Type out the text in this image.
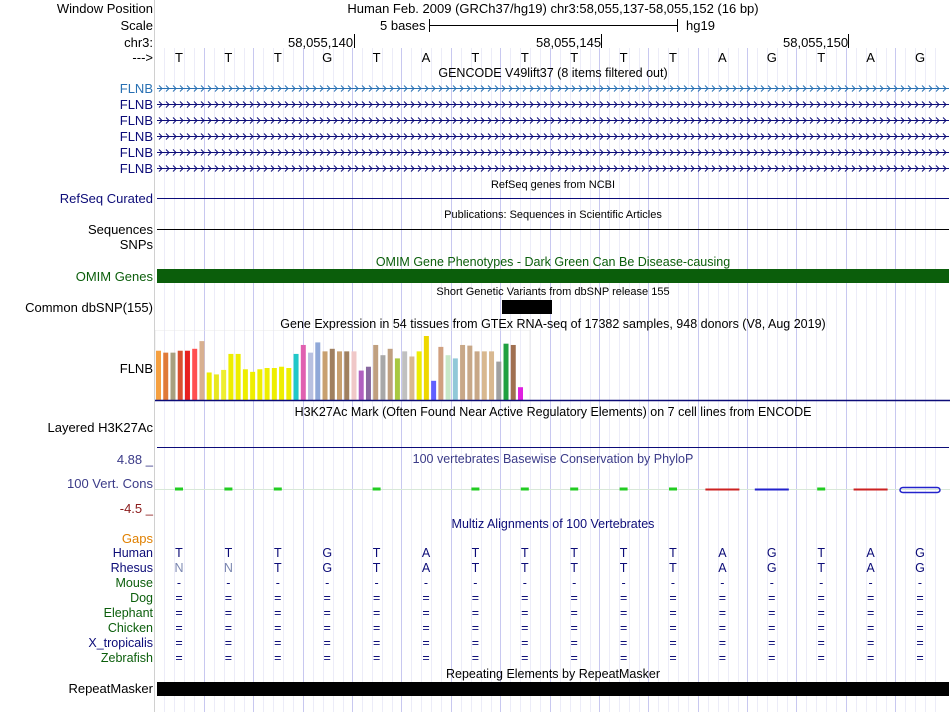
Window Position	Human Feb. 2009 (GRCh37/hg19) chr3:58,055,137-58,055,152 (16 bp)
Scale	5 bases	hg19
chr3:	58,055,140	58,055,145	58,055,150
--->	T	T	T	G	T	A	T	T	T	T	T	A	G	T	A	G
GENCODE V49lift37 (8 items filtered out)
FLNB
FLNB
FLNB
FLNB
FLNB
FLNB
RefSeq genes from NCBI
RefSeq Curated
Publications: Sequences in Scientific Articles
Sequences
SNPs
OMIM Gene Phenotypes - Dark Green Can Be Disease-causing
OMIM Genes
Short Genetic Variants from dbSNP release 155
Common dbSNP(155)
Gene Expression in 54 tissues from GTEx RNA-seq of 17382 samples, 948 donors (V8, Aug 2019)
FLNB
H3K27Ac Mark (Often Found Near Active Regulatory Elements) on 7 cell lines from ENCODE
Layered H3K27Ac
100 vertebrates Basewise Conservation by PhyloP
4.88 _
100 Vert. Cons
-4.5 _
Multiz Alignments of 100 Vertebrates
Gaps
Human	T	T	T	G	T	A	T	T	T	T	T	A	G	T	A	G
Rhesus	N	N	T	G	T	A	T	T	T	T	T	A	G	T	A	G
Mouse	-	-	-	-	-	-	-	-	-	-	-	-	-	-	-	-
Dog	=	=	=	=	=	=	=	=	=	=	=	=	=	=	=	=
Elephant	=	=	=	=	=	=	=	=	=	=	=	=	=	=	=	=
Chicken	=	=	=	=	=	=	=	=	=	=	=	=	=	=	=	=
X_tropicalis	=	=	=	=	=	=	=	=	=	=	=	=	=	=	=	=
Zebrafish	=	=	=	=	=	=	=	=	=	=	=	=	=	=	=	=
Repeating Elements by RepeatMasker
RepeatMasker
